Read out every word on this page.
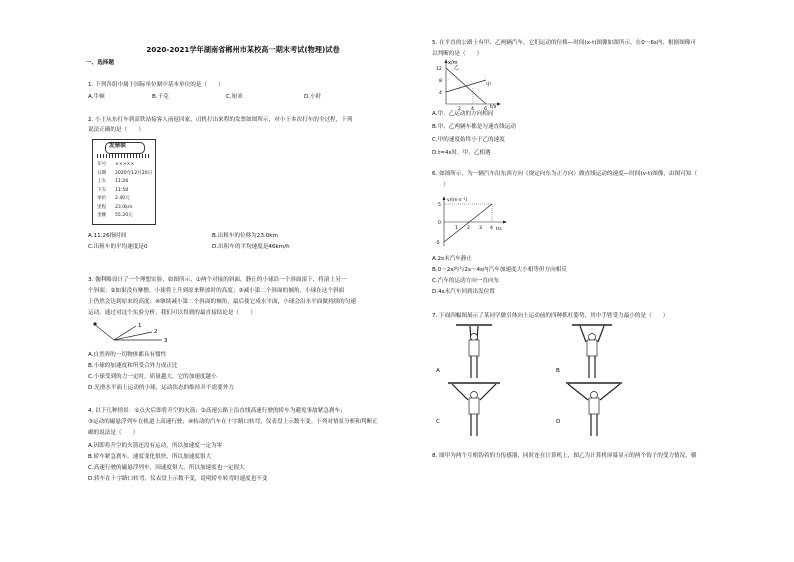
2020-2021学年湖南省郴州市某校高一期末考试(物理)试卷
一、选择题
1. 下列各组中属于国际单位制中基本单位的是（　　）
A.牛顿	B.千克	C.厘米	D.小时
2. 小王从东打车到高铁站接客人前返回家，司机打出来程的发票如图所示，对小王本次打车的全过程，下列
说法正确的是（　　）
发票联
车号 ×××××
日期 2020年12月20日
上车 11:26
下车 11:50
单价 2.40元
里程 23.0km
金额 55.20元
A.11:26指时间	B.出租车的位移为23.0km
C.出租车的平均速度是0	D.出租车的平均速度是46km/h
3. 伽利略设计了一个理想实验，如图所示，①两个对接的斜面，静止的小球沿一个斜面滚下，将滚上另一
个斜面；②如果没有摩擦，小球将上升到原来释放时的高度；③减小第二个斜面的倾角，小球在这个斜面
上仍然会达到原来的高度；④继续减小第二个斜面的倾角，最后使它成水平面，小球会沿水平面做持续的匀速
运动。通过对这个实验分析，我们可以得到的最直接结论是（　　）
1
2
3
A.自然界的一切物体都具有惯性
B.小球的加速度和所受合外力成正比
C.小球受到的力一定时，质量越大，它的加速度越小
D.光滑水平面上运动的小球，运动状态的维持并不需要外力
4. 以下几种情景：①点火后即将升空的火箭；②高速公路上沿直线高速行驶的轿车为避免事故紧急刹车；
③运动的磁悬浮列车在轨道上高速行驶；④转动的汽车在十字路口转弯，仪表盘上示数不变。下列对情景分析和判断正
确的说法是（　　）
A.因即将升空的火箭还没有运动，所以加速度一定为零
B.轿车紧急刹车，速度变化很快，所以加速度很大
C.高速行驶的磁悬浮列车，因速度很大，所以加速度也一定很大
D.轿车在十字路口转弯，仪表盘上示数不变，说明轿车转弯时速度也不变
5. 在平直的公路上有甲、乙两辆汽车，它们运动的位移—时间(x-t)图像如图所示，在0～6s内，根据图像可
以判断的是（　　）
x/m
t/s
12
8
4
2 4 6
乙
甲
A.甲、乙运动的方向相同
B.甲、乙两辆车都是匀速直线运动
C.甲的速度始终小于乙的速度
D.t=4s时，甲、乙相遇
6. 如图所示，为一辆汽车沿东西方向（规定向东为正方向）做直线运动的速度—时间(v-t)图像，由图可知（
　　）
v/(m·s⁻¹)
t/s
5
0
-5
1 2 3 4
A.2s末汽车静止
B.0～2s内与2s～4s内汽车加速度大小相等但方向相反
C.汽车的运动方向一直向东
D.4s末汽车回到出发位置
7. 下面四幅图展示了某同学做引体向上运动前的四种抓杠姿势，其中手臂受力最小的是（　　）
A	B
C	D
8. 图甲为两个互相钩着的力传感器，同时连在计算机上，图乙为计算机屏幕显示的两个钩子的受力情况，横
